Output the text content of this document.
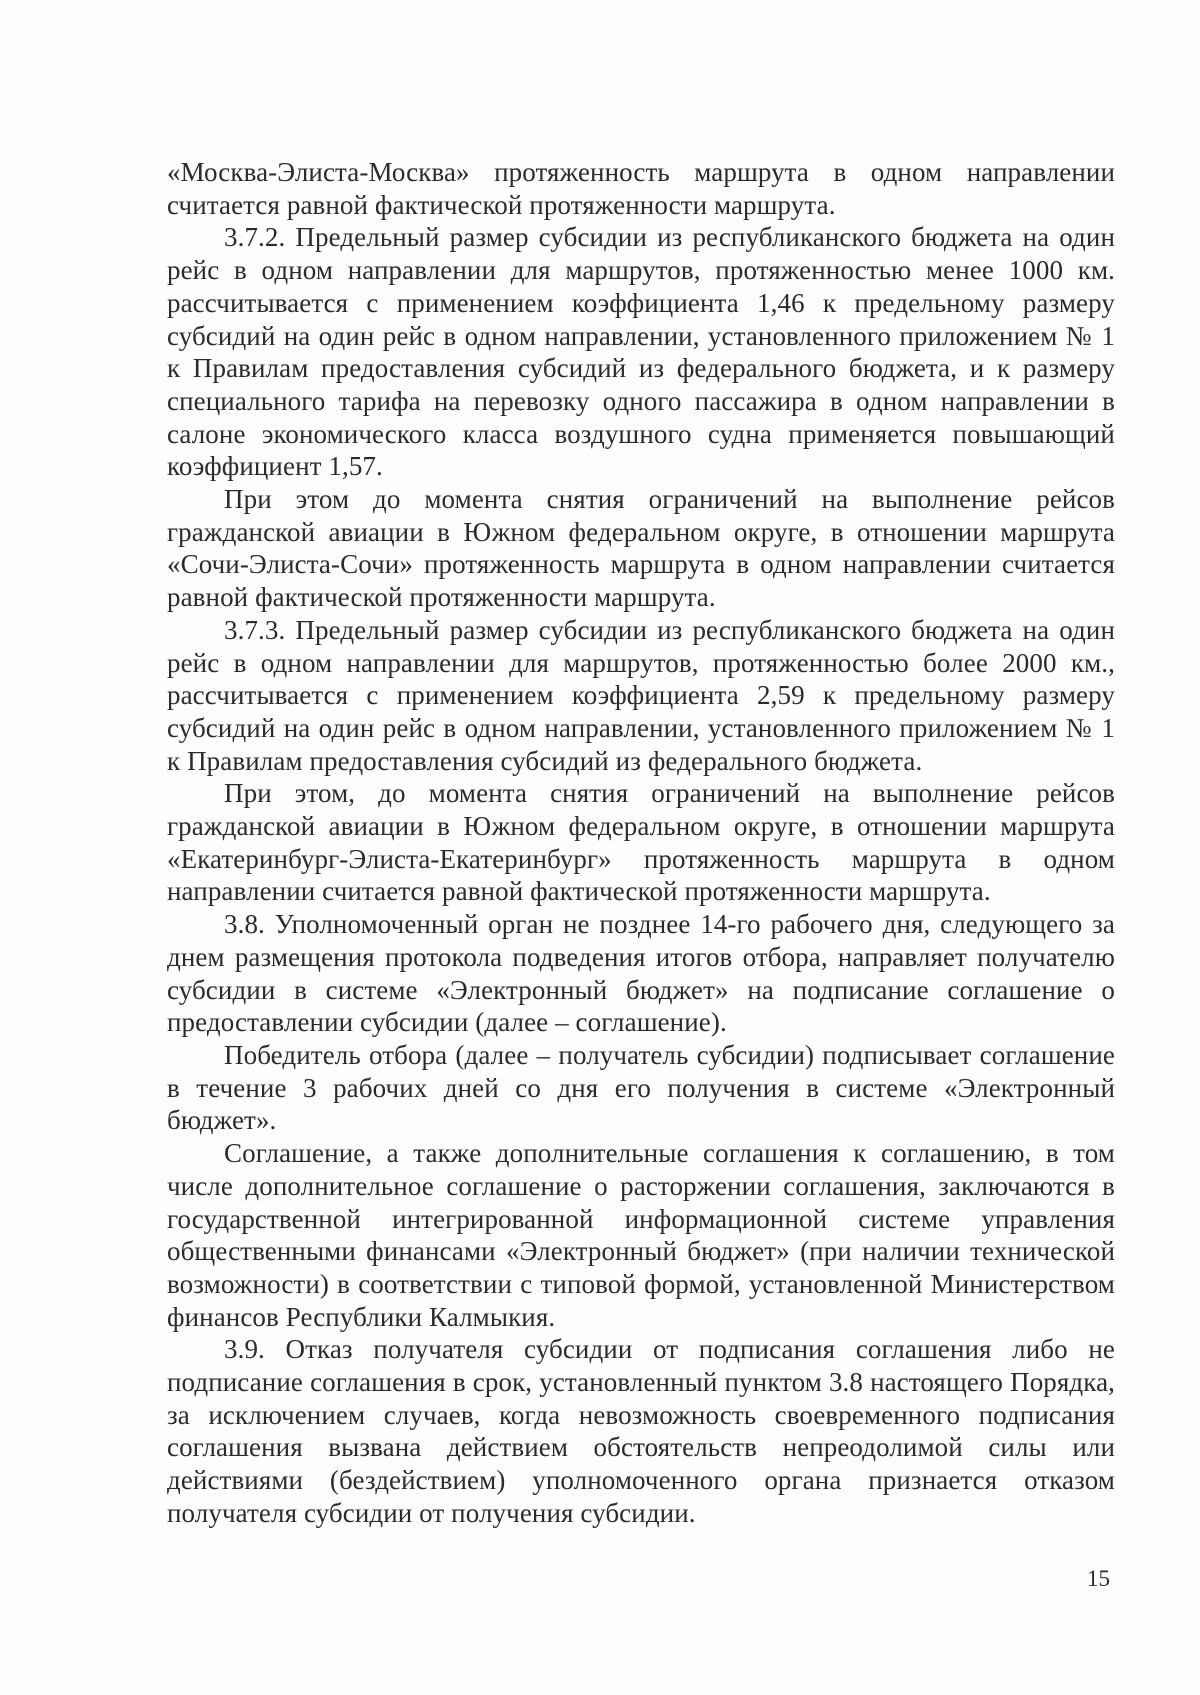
«Москва-Элиста-Москва» протяженность маршрута в одном направлении считается равной фактической протяженности маршрута.

3.7.2. Предельный размер субсидии из республиканского бюджета на один рейс в одном направлении для маршрутов, протяженностью менее 1000 км. рассчитывается с применением коэффициента 1,46 к предельному размеру субсидий на один рейс в одном направлении, установленного приложением № 1 к Правилам предоставления субсидий из федерального бюджета, и к размеру специального тарифа на перевозку одного пассажира в одном направлении в салоне экономического класса воздушного судна применяется повышающий коэффициент 1,57.

При этом до момента снятия ограничений на выполнение рейсов гражданской авиации в Южном федеральном округе, в отношении маршрута «Сочи-Элиста-Сочи» протяженность маршрута в одном направлении считается равной фактической протяженности маршрута.

3.7.3. Предельный размер субсидии из республиканского бюджета на один рейс в одном направлении для маршрутов, протяженностью более 2000 км., рассчитывается с применением коэффициента 2,59 к предельному размеру субсидий на один рейс в одном направлении, установленного приложением № 1 к Правилам предоставления субсидий из федерального бюджета.

При этом, до момента снятия ограничений на выполнение рейсов гражданской авиации в Южном федеральном округе, в отношении маршрута «Екатеринбург-Элиста-Екатеринбург» протяженность маршрута в одном направлении считается равной фактической протяженности маршрута.

3.8. Уполномоченный орган не позднее 14-го рабочего дня, следующего за днем размещения протокола подведения итогов отбора, направляет получателю субсидии в системе «Электронный бюджет» на подписание соглашение о предоставлении субсидии (далее – соглашение).

Победитель отбора (далее – получатель субсидии) подписывает соглашение в течение 3 рабочих дней со дня его получения в системе «Электронный бюджет».

Соглашение, а также дополнительные соглашения к соглашению, в том числе дополнительное соглашение о расторжении соглашения, заключаются в государственной интегрированной информационной системе управления общественными финансами «Электронный бюджет» (при наличии технической возможности) в соответствии с типовой формой, установленной Министерством финансов Республики Калмыкия.

3.9. Отказ получателя субсидии от подписания соглашения либо не подписание соглашения в срок, установленный пунктом 3.8 настоящего Порядка, за исключением случаев, когда невозможность своевременного подписания соглашения вызвана действием обстоятельств непреодолимой силы или действиями (бездействием) уполномоченного органа признается отказом получателя субсидии от получения субсидии.

15
